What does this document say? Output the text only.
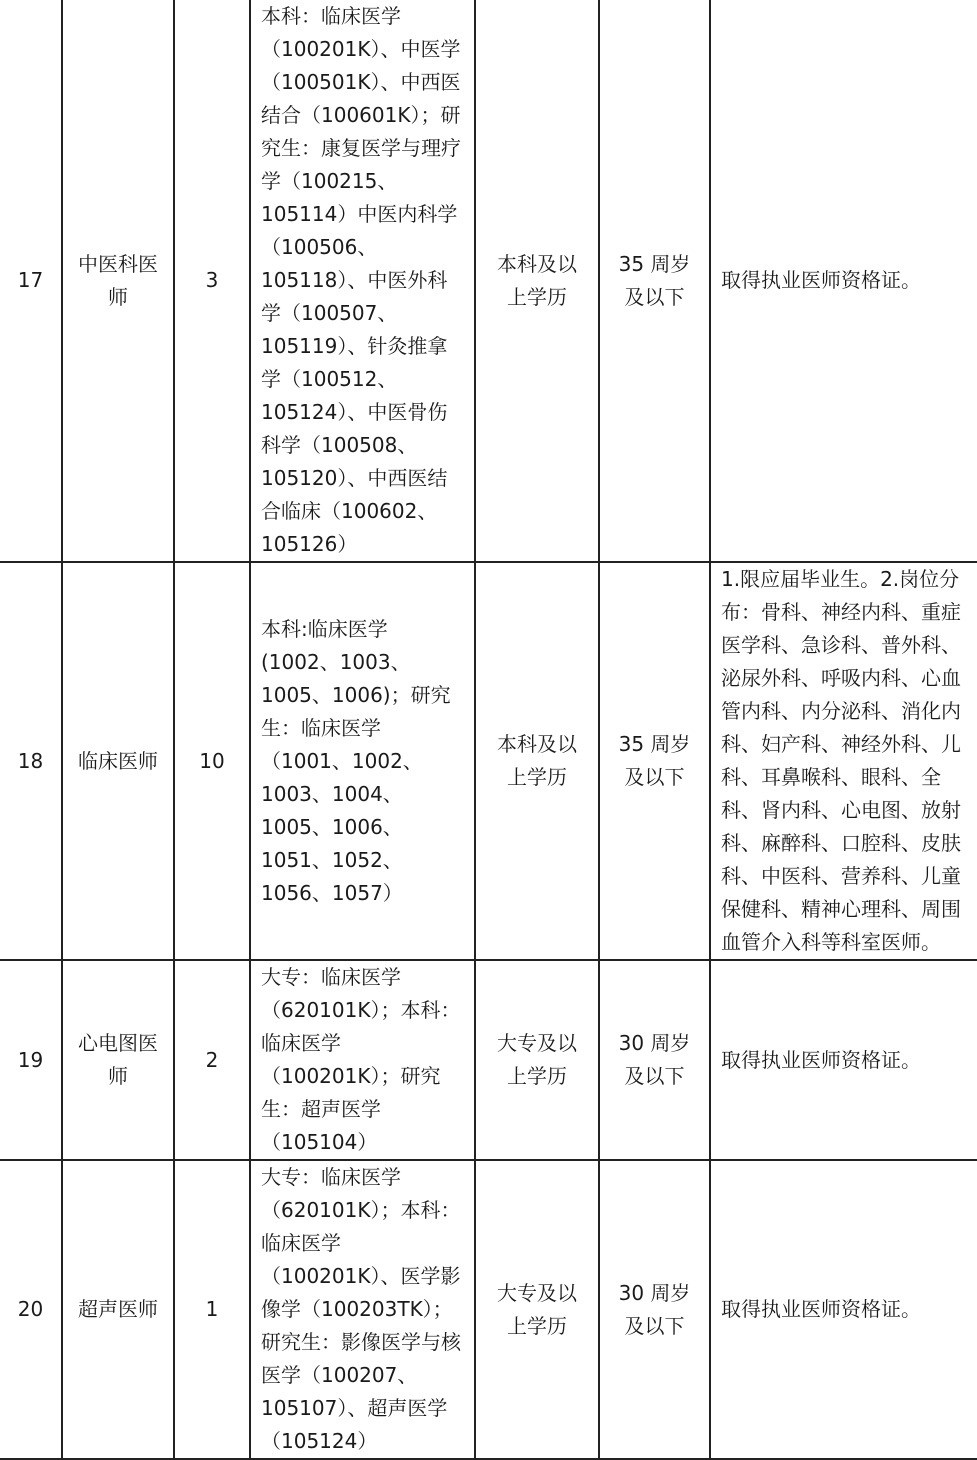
17	中医科医师	3	本科：临床医学（100201K）、中医学（100501K）、中西医结合（100601K）；研究生：康复医学与理疗学（100215、105114）中医内科学（100506、105118）、中医外科学（100507、105119）、针灸推拿学（100512、105124）、中医骨伤科学（100508、105120）、中西医结合临床（100602、105126）	本科及以上学历	35 周岁及以下	取得执业医师资格证。

18	临床医师	10	本科:临床医学(1002、1003、1005、1006)；研究生：临床医学（1001、1002、1003、1004、1005、1006、1051、1052、1056、1057）	本科及以上学历	35 周岁及以下	1.限应届毕业生。2.岗位分布：骨科、神经内科、重症医学科、急诊科、普外科、泌尿外科、呼吸内科、心血管内科、内分泌科、消化内科、妇产科、神经外科、儿科、耳鼻喉科、眼科、全科、肾内科、心电图、放射科、麻醉科、口腔科、皮肤科、中医科、营养科、儿童保健科、精神心理科、周围血管介入科等科室医师。

19	心电图医师	2	大专：临床医学（620101K）；本科：临床医学（100201K）；研究生：超声医学（105104）	大专及以上学历	30 周岁及以下	取得执业医师资格证。

20	超声医师	1	大专：临床医学（620101K）；本科：临床医学（100201K）、医学影像学（100203TK）；研究生：影像医学与核医学（100207、105107）、超声医学（105124）	大专及以上学历	30 周岁及以下	取得执业医师资格证。
